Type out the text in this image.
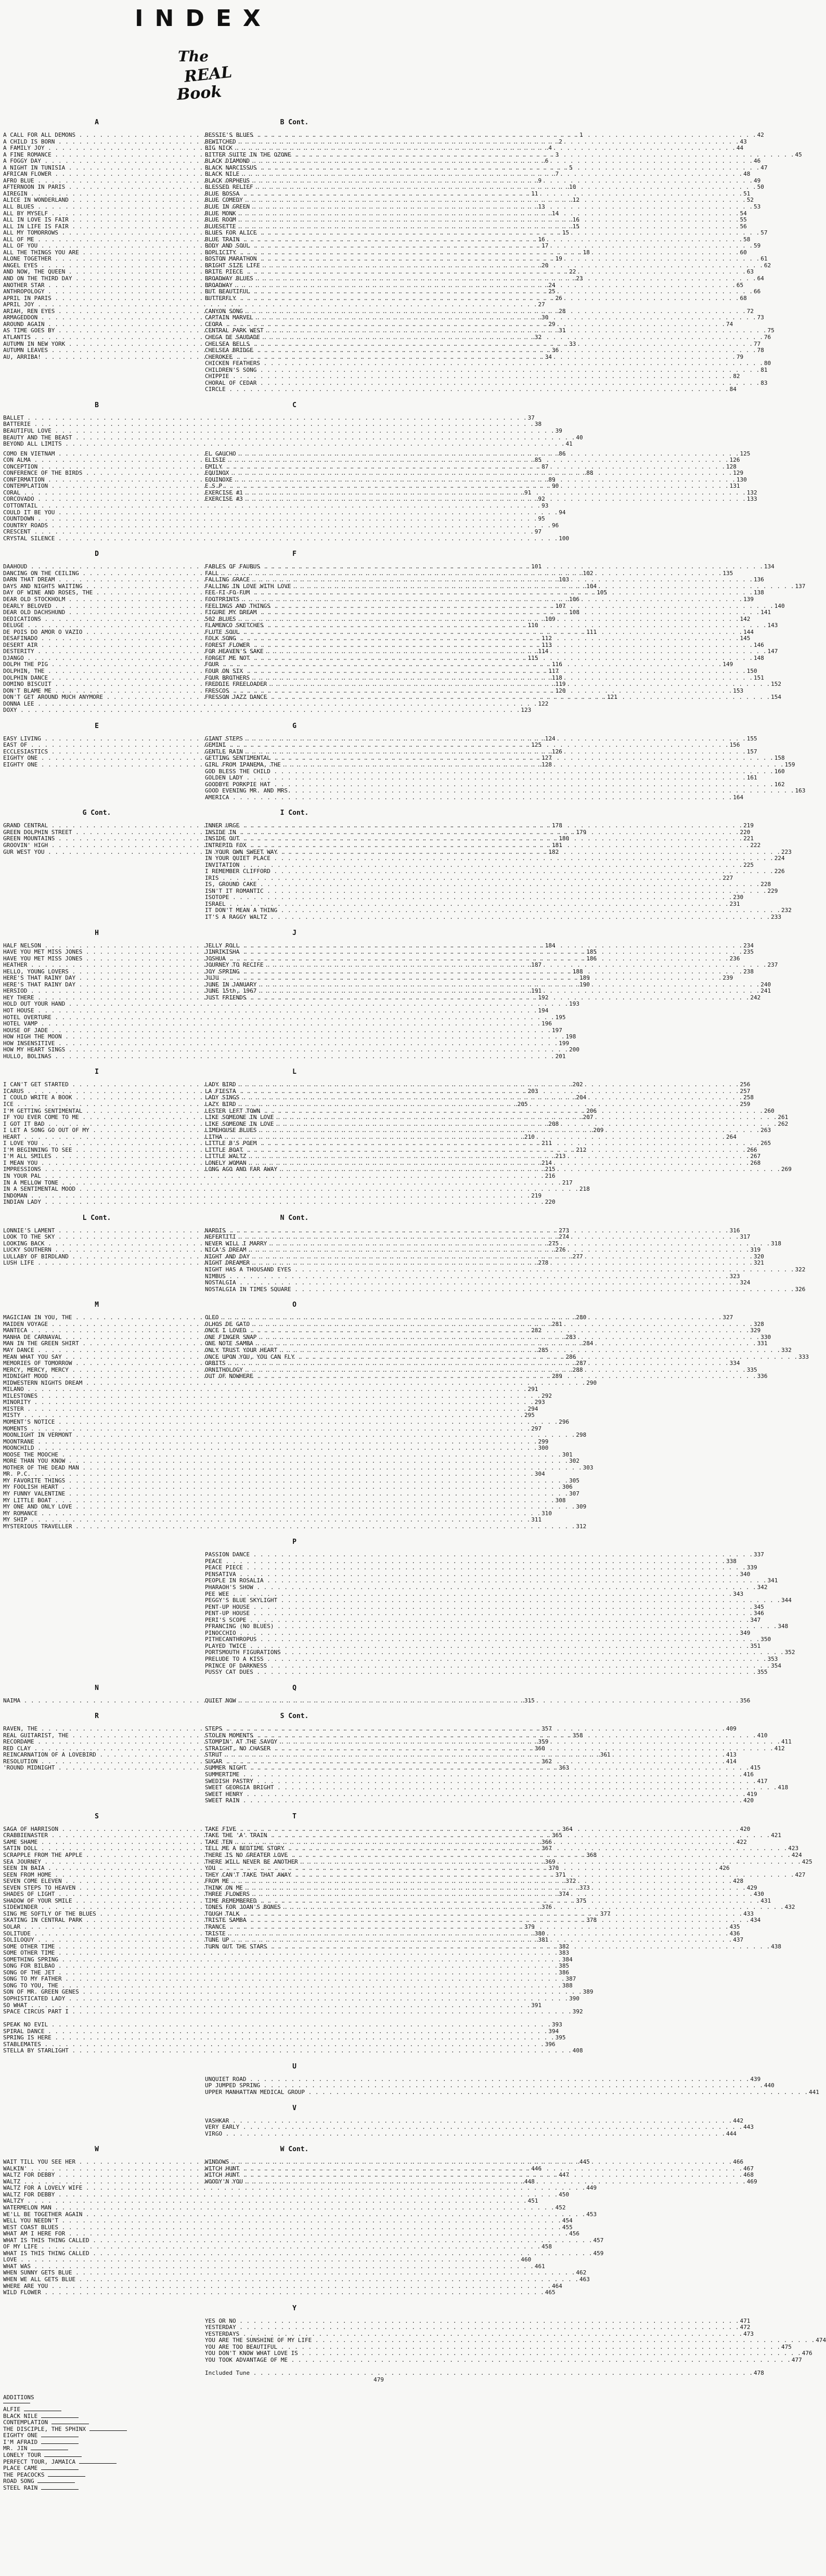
INDEX
The
REAL
Book
A
A CALL FOR ALL DEMONS . . .	1
A CHILD IS BORN . . .	2
A FAMILY JOY . . .	4
A FINE ROMANCE . . .	3
A FOGGY DAY . . .	6
A NIGHT IN TUNISIA . . .	5
AFRICAN FLOWER . . .	7
AFRO BLUE . . .	9
AFTERNOON IN PARIS . . .	10
AIREGIN . . .	11
ALICE IN WONDERLAND . . .	12
ALL BLUES . . .	13
ALL BY MYSELF . . .	14
ALL IN LOVE IS FAIR . . .	16
ALL IN LIFE IS FAIR . . .	15
ALL MY TOMORROWS . . .	15
ALL OF ME . . .	16
ALL OF YOU . . .	17
ALL THE THINGS YOU ARE . . .	18
ALONE TOGETHER . . .	19
ANGEL EYES . . .	20
AND NOW, THE QUEEN . . .	22
AND ON THE THIRD DAY . . .	23
ANOTHER STAR . . .	24
ANTHROPOLOGY . . .	25
APRIL IN PARIS . . .	26
APRIL JOY . . .	27
ARIAH, REN EYES . . .	28
ARMAGEDDON . . .	30
AROUND AGAIN . . .	29
AS TIME GOES BY . . .	31
ATLANTIS . . .	32
AUTUMN IN NEW YORK . . .	33
AUTUMN LEAVES . . .	36
AU, ARRIBA! . . .	34
B Cont.
BESSIE'S BLUES . . .	42
BEWITCHED . . .	43
BIG NICK . . .	44
BITTER SUITE IN THE OZONE . . .	45
BLACK DIAMOND . . .	46
BLACK NARCISSUS . . .	47
BLACK NILE . . .	48
BLACK ORPHEUS . . .	49
BLESSED RELIEF . . .	50
BLUE BOSSA . . .	51
BLUE COMEDY . . .	52
BLUE IN GREEN . . .	53
BLUE MONK . . .	54
BLUE ROOM . . .	55
BLUESETTE . . .	56
BLUES FOR ALICE . . .	57
BLUE TRAIN . . .	58
BODY AND SOUL . . .	59
BOPLICITY . . .	60
BOSTON MARATHON . . .	61
BRIGHT SIZE LIFE . . .	62
BRITE PIECE . . .	63
BROADWAY BLUES . . .	64
BROADWAY . . .	65
BUT BEAUTIFUL . . .	66
BUTTERFLY . . .	68
CANYON SONG . . .	72
CAPTAIN MARVEL . . .	73
CEORA . . .	74
CENTRAL PARK WEST . . .	75
CHEGA DE SAUDADE . . .	76
CHELSEA BELLS . . .	77
CHELSEA BRIDGE . . .	78
CHEROKEE . . .	79
CHICKEN FEATHERS . . .	80
CHILDREN'S SONG . . .	81
CHIPPIE . . .	82
CHORAL OF CEDAR . . .	83
CIRCLE . . .	84
B
BALLET . . .	37
BATTERIE . . .	38
BEAUTIFUL LOVE . . .	39
BEAUTY AND THE BEAST . . .	40
BEYOND ALL LIMITS . . .	41
C
COMO EN VIETNAM . . .	86
CON ALMA . . .	85
CONCEPTION . . .	87
CONFERENCE OF THE BIRDS . . .	88
CONFIRMATION . . .	89
CONTEMPLATION . . .	90
CORAL . . .	91
CORCOVADO . . .	92
COTTONTAIL . . .	93
COULD IT BE YOU . . .	94
COUNTDOWN . . .	95
COUNTRY ROADS . . .	96
CRESCENT . . .	97
CRYSTAL SILENCE . . .	100
EL GAUCHO . . .	125
ELISIE . . .	126
EMILY . . .	128
EQUINOX . . .	129
EQUINOXE . . .	130
E.S.P. . . .	131
EXERCISE #1 . . .	132
EXERCISE #3 . . .	133
D
DAAHOUD . . .	101
DANCING ON THE CEILING . . .	102
DARN THAT DREAM . . .	103
DAYS AND NIGHTS WAITING . . .	104
DAY OF WINE AND ROSES, THE . . .	105
DEAR OLD STOCKHOLM . . .	106
DEARLY BELOVED . . .	107
DEAR OLD DACHSHUND . . .	108
DEDICATIONS . . .	109
DELUGE . . .	110
DE POIS DO AMOR O VAZIO . . .	111
DESAFINADO . . .	112
DESERT AIR . . .	113
DESTERITY . . .	114
DJANGO . . .	115
DOLPH THE PIG . . .	116
DOLPHIN, THE . . .	117
DOLPHIN DANCE . . .	118
DOMINO BISCUIT . . .	119
DON'T BLAME ME . . .	120
DON'T GET AROUND MUCH ANYMORE . . .	121
DONNA LEE . . .	122
DOXY . . .	123
F
FABLES OF FAUBUS . . .	134
FALL . . .	135
FALLING GRACE . . .	136
FALLING IN LOVE WITH LOVE . . .	137
FEE-FI-FO-FUM . . .	138
FOOTPRINTS . . .	139
FEELINGS AND THINGS . . .	140
FIGURE MY DREAM . . .	141
502 BLUES . . .	142
FLAMENCO SKETCHES . . .	143
FLUTE SOUL . . .	144
FOLK SONG . . .	145
FOREST FLOWER . . .	146
FOR HEAVEN'S SAKE . . .	147
FORGET ME NOT . . .	148
FOUR . . .	149
FOUR ON SIX . . .	150
FOUR BROTHERS . . .	151
FREDDIE FREELOADER . . .	152
FRESCOS . . .	153
FRESSON JAZZ DANCE . . .	154
E
EASY LIVING . . .	124
EAST OF . . .	125
ECCLESIASTICS . . .	126
EIGHTY ONE . . .	127
EIGHTY ONE . . .	128
G
GIANT STEPS . . .	155
GEMINI . . .	156
GENTLE RAIN . . .	157
GETTING SENTIMENTAL . . .	158
GIRL FROM IPANEMA, THE . . .	159
GOD BLESS THE CHILD . . .	160
GOLDEN LADY . . .	161
GOODBYE PORKPIE HAT . . .	162
GOOD EVENING MR. AND MRS. . . .	163
AMERICA . . .	164
G Cont.
GRAND CENTRAL . . .	178
GREEN DOLPHIN STREET . . .	179
GREEN MOUNTAINS . . .	180
GROOVIN' HIGH . . .	181
GUR WEST YOU . . .	182
I Cont.
INNER URGE . . .	219
INSIDE IN . . .	220
INSIDE OUT . . .	221
INTREPID FOX . . .	222
IN YOUR OWN SWEET WAY . . .	223
IN YOUR QUIET PLACE . . .	224
INVITATION . . .	225
I REMEMBER CLIFFORD . . .	226
IRIS . . .	227
IS, GROUND CAKE . . .	228
ISN'T IT ROMANTIC . . .	229
ISOTOPE . . .	230
ISRAEL . . .	231
IT DON'T MEAN A THING . . .	232
IT'S A RAGGY WALTZ . . .	233
H
HALF NELSON . . .	184
HAVE YOU MET MISS JONES . . .	185
HAVE YOU MET MISS JONES . . .	186
HEATHER . . .	187
HELLO, YOUNG LOVERS . . .	188
HERE'S THAT RAINY DAY . . .	189
HERE'S THAT RAINY DAY . . .	190
HERSIOD . . .	191
HEY THERE . . .	192
HOLD OUT YOUR HAND . . .	193
HOT HOUSE . . .	194
HOTEL OVERTURE . . .	195
HOTEL VAMP . . .	196
HOUSE OF JADE . . .	197
HOW HIGH THE MOON . . .	198
HOW INSENSITIVE . . .	199
HOW MY HEART SINGS . . .	200
HULLO, BOLINAS . . .	201
J
JELLY ROLL . . .	234
JINRIKISHA . . .	235
JOSHUA . . .	236
JOURNEY TO RECIFE . . .	237
JOY SPRING . . .	238
JUJU . . .	239
JUNE IN JANUARY . . .	240
JUNE 15th, 1967 . . .	241
JUST FRIENDS . . .	242
I
I CAN'T GET STARTED . . .	202
ICARUS . . .	203
I COULD WRITE A BOOK . . .	204
ICE . . .	205
I'M GETTING SENTIMENTAL . . .	206
IF YOU EVER COME TO ME . . .	207
I GOT IT BAD . . .	208
I LET A SONG GO OUT OF MY . . .	209
HEART . . .	210
I LOVE YOU . . .	211
I'M BEGINNING TO SEE . . .	212
I'M ALL SMILES . . .	213
I MEAN YOU . . .	214
IMPRESSIONS . . .	215
IN YOUR PAL . . .	216
IN A MELLOW TONE . . .	217
IN A SENTIMENTAL MOOD . . .	218
INDOMAN . . .	219
INDIAN LADY . . .	220
L
LADY BIRD . . .	256
LA FIESTA . . .	257
LADY SINGS . . .	258
LAZY BIRD . . .	259
LESTER LEFT TOWN . . .	260
LIKE SOMEONE IN LOVE . . .	261
LIKE SOMEONE IN LOVE . . .	262
LIMEHOUSE BLUES . . .	263
LITHA . . .	264
LITTLE B'S POEM . . .	265
LITTLE BOAT . . .	266
LITTLE WALTZ . . .	267
LONELY WOMAN . . .	268
LONG AGO AND FAR AWAY . . .	269
L Cont.
LONNIE'S LAMENT . . .	273
LOOK TO THE SKY . . .	274
LOOKING BACK . . .	275
LUCKY SOUTHERN . . .	276
LULLABY OF BIRDLAND . . .	277
LUSH LIFE . . .	278
N Cont.
NARDIS . . .	316
NEFERTITI . . .	317
NEVER WILL I MARRY . . .	318
NICA'S DREAM . . .	319
NIGHT AND DAY . . .	320
NIGHT DREAMER . . .	321
NIGHT HAS A THOUSAND EYES . . .	322
NIMBUS . . .	323
NOSTALGIA . . .	324
NOSTALGIA IN TIMES SQUARE . . .	326
M
MAGICIAN IN YOU, THE . . .	280
MAIDEN VOYAGE . . .	281
MANTECA . . .	282
MANHA DE CARNAVAL . . .	283
MAN IN THE GREEN SHIRT . . .	284
MAY DANCE . . .	285
MEAN WHAT YOU SAY . . .	286
MEMORIES OF TOMORROW . . .	287
MERCY, MERCY, MERCY . . .	288
MIDNIGHT MOOD . . .	289
MIDWESTERN NIGHTS DREAM . . .	290
MILANO . . .	291
MILESTONES . . .	292
MINORITY . . .	293
MISTER . . .	294
MISTY . . .	295
MOMENT'S NOTICE . . .	296
MOMENTS . . .	297
MOONLIGHT IN VERMONT . . .	298
MOONTRANE . . .	299
MOONCHILD . . .	300
MOOSE THE MOOCHE . . .	301
MORE THAN YOU KNOW . . .	302
MOTHER OF THE DEAD MAN . . .	303
MR. P.C. . . .	304
MY FAVORITE THINGS . . .	305
MY FOOLISH HEART . . .	306
MY FUNNY VALENTINE . . .	307
MY LITTLE BOAT . . .	308
MY ONE AND ONLY LOVE . . .	309
MY ROMANCE . . .	310
MY SHIP . . .	311
MYSTERIOUS TRAVELLER . . .	312
O
OLEO . . .	327
OLHOS DE GATO . . .	328
ONCE I LOVED . . .	329
ONE FINGER SNAP . . .	330
ONE NOTE SAMBA . . .	331
ONLY TRUST YOUR HEART . . .	332
ONCE UPON YOU, YOU CAN FLY . . .	333
ORBITS . . .	334
ORNITHOLOGY . . .	335
OUT OF NOWHERE . . .	336
P
PASSION DANCE . . .	337
PEACE . . .	338
PEACE PIECE . . .	339
PENSATIVA . . .	340
PEOPLE IN ROSALIA . . .	341
PHARAOH'S SHOW . . .	342
PEE WEE . . .	343
PEGGY'S BLUE SKYLIGHT . . .	344
PENT-UP HOUSE . . .	345
PENT-UP HOUSE . . .	346
PERI'S SCOPE . . .	347
PFRANCING (NO BLUES) . . .	348
PINOCCHIO . . .	349
PITHECANTHROPUS . . .	350
PLAYED TWICE . . .	351
PORTSMOUTH FIGURATIONS . . .	352
PRELUDE TO A KISS . . .	353
PRINCE OF DARKNESS . . .	354
PUSSY CAT DUES . . .	355
N
NAIMA . . .	315
Q
QUIET NOW . . .	356
R
RAVEN, THE . . .	357
REAL GUITARIST, THE . . .	358
RECORDAME . . .	359
RED CLAY . . .	360
REINCARNATION OF A LOVEBIRD . . .	361
RESOLUTION . . .	362
'ROUND MIDNIGHT . . .	363
S Cont.
STEPS . . .	409
STOLEN MOMENTS . . .	410
STOMPIN' AT THE SAVOY . . .	411
STRAIGHT, NO CHASER . . .	412
STRUT . . .	413
SUGAR . . .	414
SUMMER NIGHT . . .	415
SUMMERTIME . . .	416
SWEDISH PASTRY . . .	417
SWEET GEORGIA BRIGHT . . .	418
SWEET HENRY . . .	419
SWEET RAIN . . .	420
S
SAGA OF HARRISON . . .	364
CRABBIENASTER . . .	365
SAME SHAME . . .	366
SATIN DOLL . . .	367
SCRAPPLE FROM THE APPLE . . .	368
SEA JOURNEY . . .	369
SEEN IN BAIA . . .	370
SEEN FROM HOME . . .	371
SEVEN COME ELEVEN . . .	372
SEVEN STEPS TO HEAVEN . . .	373
SHADES OF LIGHT . . .	374
SHADOW OF YOUR SMILE . . .	375
SIDEWINDER . . .	376
SING ME SOFTLY OF THE BLUES . . .	377
SKATING IN CENTRAL PARK . . .	378
SOLAR . . .	379
SOLITUDE . . .	380
SOLILOQUY . . .	381
SOME OTHER TIME . . .	382
SOME OTHER TIME . . .	383
SOMETHING SPRING . . .	384
SONG FOR BILBAO . . .	385
SONG OF THE JET . . .	386
SONG TO MY FATHER . . .	387
SONG TO YOU, THE . . .	388
SON OF MR. GREEN GENES . . .	389
SOPHISTICATED LADY . . .	390
SO WHAT . . .	391
SPACE CIRCUS PART I . . .	392
SPEAK NO EVIL . . .	393
SPIRAL DANCE . . .	394
SPRING IS HERE . . .	395
STABLEMATES . . .	396
STELLA BY STARLIGHT . . .	408
T
TAKE FIVE . . .	420
TAKE THE 'A' TRAIN . . .	421
TAKE TEN . . .	422
TELL ME A BEDTIME STORY . . .	423
THERE IS NO GREATER LOVE . . .	424
THERE WILL NEVER BE ANOTHER . . .	425
YOU . . .	426
THEY CAN'T TAKE THAT AWAY . . .	427
FROM ME . . .	428
THINK ON ME . . .	429
THREE FLOWERS . . .	430
TIME REMEMBERED . . .	431
TONES FOR JOAN'S BONES . . .	432
TOUGH TALK . . .	433
TRISTE SAMBA . . .	434
TRANCE . . .	435
TRISTE . . .	436
TUNE UP . . .	437
TURN OUT THE STARS . . .	438
U
UNQUIET ROAD . . .	439
UP JUMPED SPRING . . .	440
UPPER MANHATTAN MEDICAL GROUP . . .	441
V
VASHKAR . . .	442
VERY EARLY . . .	443
VIRGO . . .	444
W
WAIT TILL YOU SEE HER . . .	445
WALKIN' . . .	446
WALTZ FOR DEBBY . . .	447
WALTZ . . .	448
WALTZ FOR A LOVELY WIFE . . .	449
WALTZ FOR DEBBY . . .	450
WALTZY . . .	451
WATERMELON MAN . . .	452
WE'LL BE TOGETHER AGAIN . . .	453
WELL YOU NEEDN'T . . .	454
WEST COAST BLUES . . .	455
WHAT AM I HERE FOR . . .	456
WHAT IS THIS THING CALLED . . .	457
OF MY LIFE . . .	458
WHAT IS THIS THING CALLED . . .	459
LOVE . . .	460
WHAT WAS . . .	461
WHEN SUNNY GETS BLUE . . .	462
WHEN WE ALL GETS BLUE . . .	463
WHERE ARE YOU . . .	464
WILD FLOWER . . .	465
W Cont.
WINDOWS . . .	466
WITCH HUNT . . .	467
WITCH HUNT . . .	468
WOODY'N YOU . . .	469
Y
YES OR NO . . .	471
YESTERDAY . . .	472
YESTERDAYS . . .	473
YOU ARE THE SUNSHINE OF MY LIFE . . .	474
YOU ARE TOO BEAUTIFUL . . .	475
YOU DON'T KNOW WHAT LOVE IS . . .	476
YOU TOOK ADVANTAGE OF ME . . .	477
Included Tune . . .	478
479
ADDITIONS
ALFIE
BLACK NILE
CONTEMPLATION
THE DISCIPLE, THE SPHINX
EIGHTY ONE
I'M AFRAID
MR. JIN
LONELY TOUR
PERFECT TOUR, JAMAICA
PLACE CAME
THE PEACOCKS
ROAD SONG
STEEL RAIN
